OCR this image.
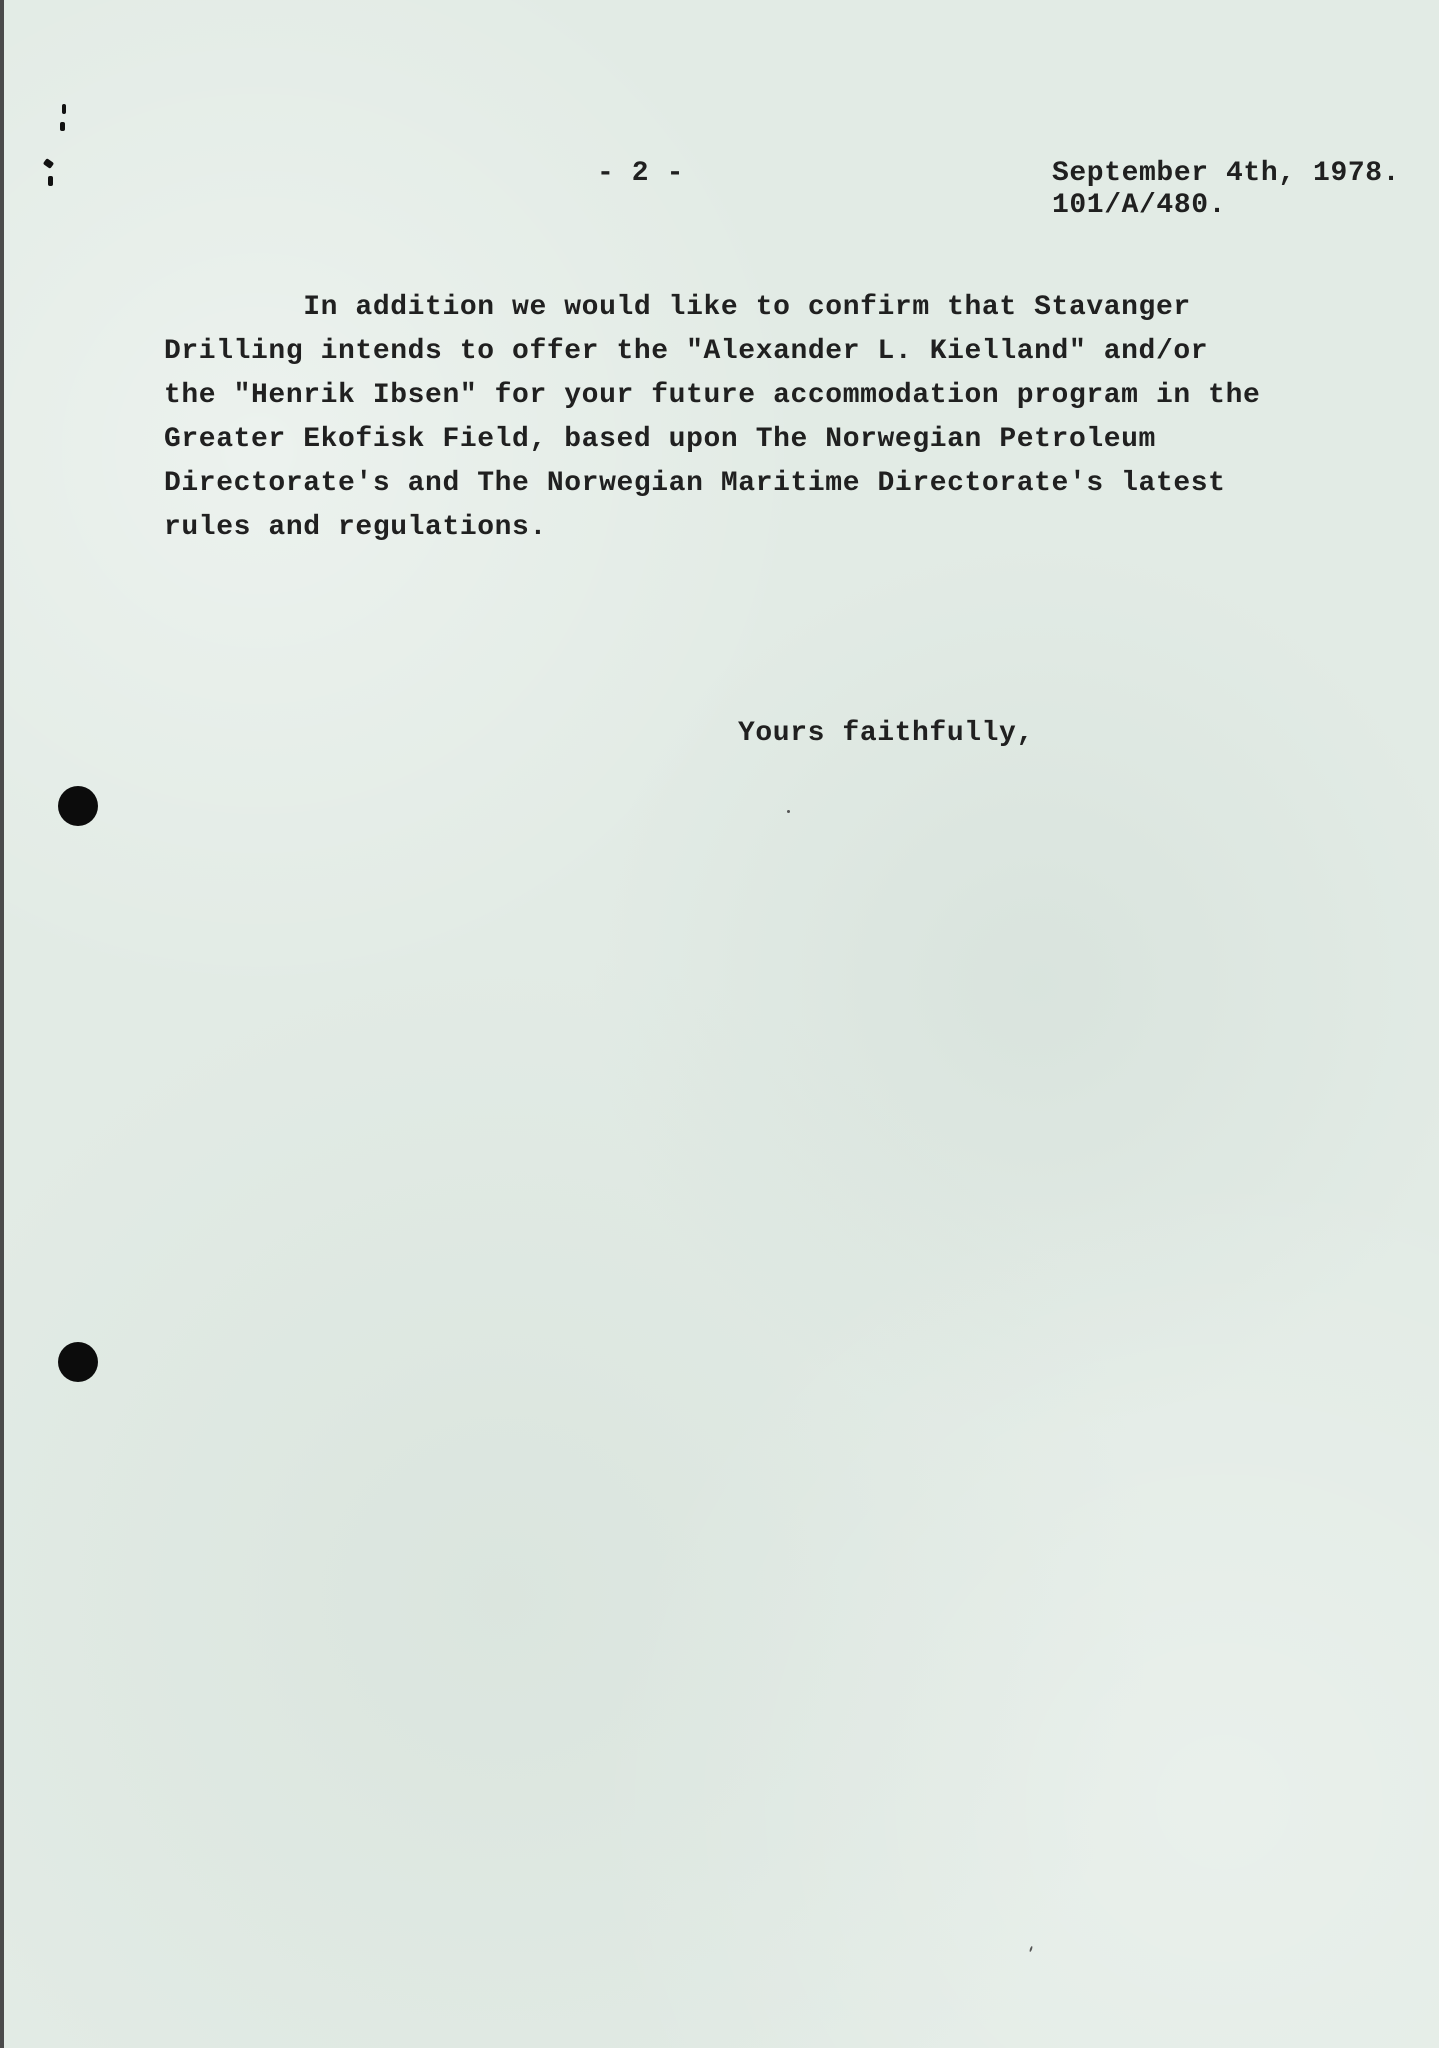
- 2 -	September 4th, 1978.
101/A/480.
In addition we would like to confirm that Stavanger
Drilling intends to offer the "Alexander L. Kielland" and/or
the "Henrik Ibsen" for your future accommodation program in the
Greater Ekofisk Field, based upon The Norwegian Petroleum
Directorate's and The Norwegian Maritime Directorate's latest
rules and regulations.
Yours faithfully,
